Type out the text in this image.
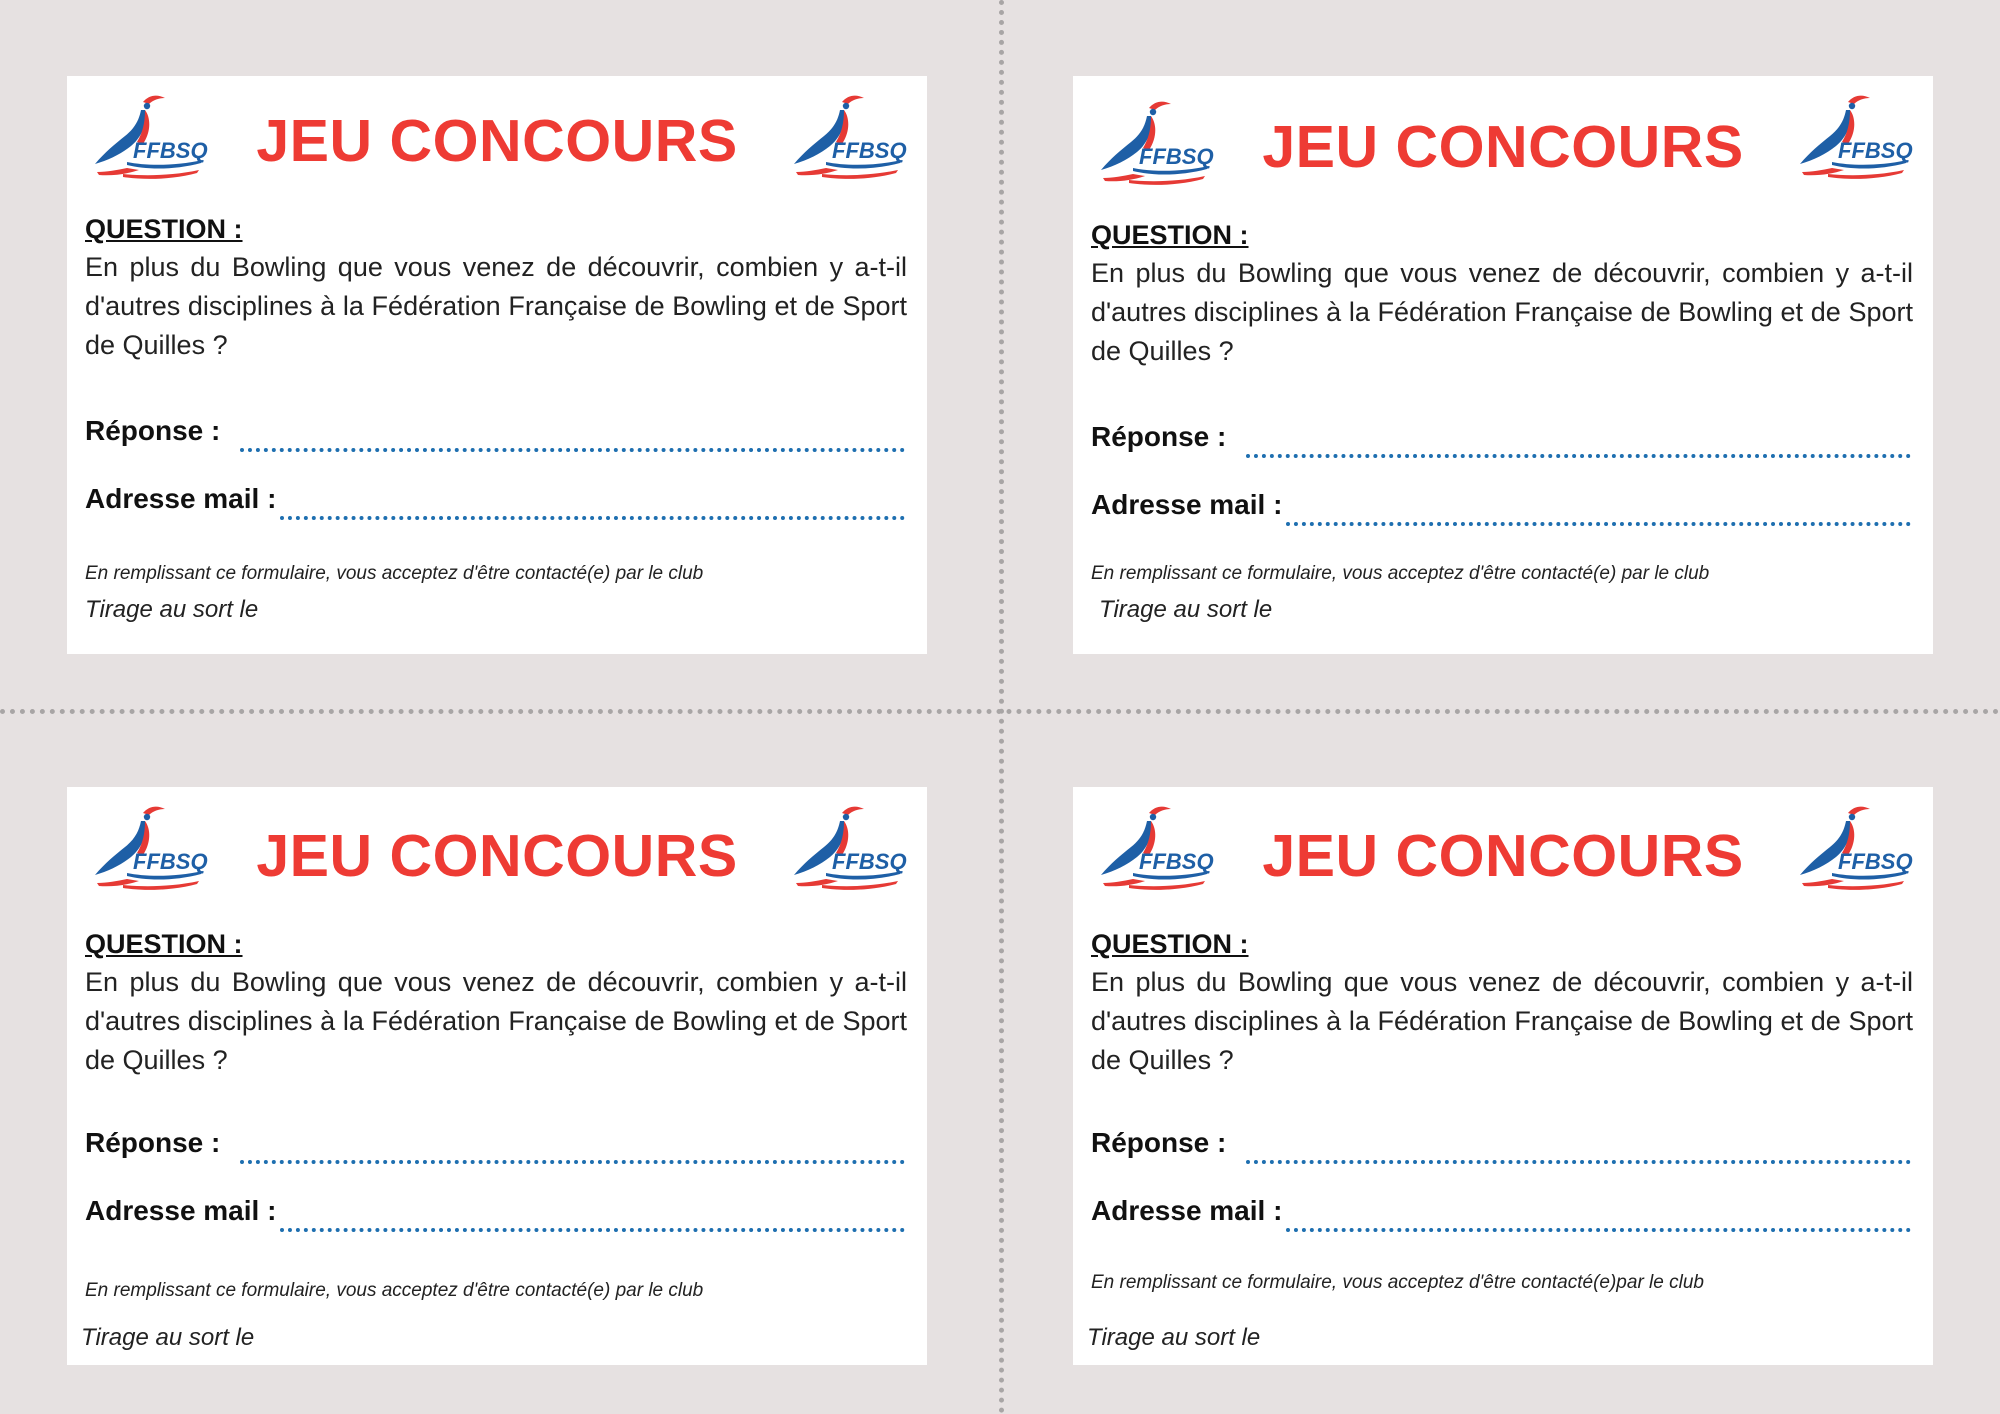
FFBSQ JEU CONCOURS	FFBSQ
QUESTION :
En plus du Bowling que vous venez de découvrir, combien y a-t-il d'autres disciplines à la Fédération Française de Bowling et de Sport de Quilles ?
Réponse :
Adresse mail :
En remplissant ce formulaire, vous acceptez d'être contacté(e) par le club
Tirage au sort le
FFBSQ JEU CONCOURS	FFBSQ
QUESTION :
En plus du Bowling que vous venez de découvrir, combien y a-t-il d'autres disciplines à la Fédération Française de Bowling et de Sport de Quilles ?
Réponse :
Adresse mail :
En remplissant ce formulaire, vous acceptez d'être contacté(e) par le club
Tirage au sort le
FFBSQ JEU CONCOURS	FFBSQ
QUESTION :
En plus du Bowling que vous venez de découvrir, combien y a-t-il d'autres disciplines à la Fédération Française de Bowling et de Sport de Quilles ?
Réponse :
Adresse mail :
En remplissant ce formulaire, vous acceptez d'être contacté(e) par le club
Tirage au sort le
FFBSQ JEU CONCOURS	FFBSQ
QUESTION :
En plus du Bowling que vous venez de découvrir, combien y a-t-il d'autres disciplines à la Fédération Française de Bowling et de Sport de Quilles ?
Réponse :
Adresse mail :
En remplissant ce formulaire, vous acceptez d'être contacté(e)par le club
Tirage au sort le
